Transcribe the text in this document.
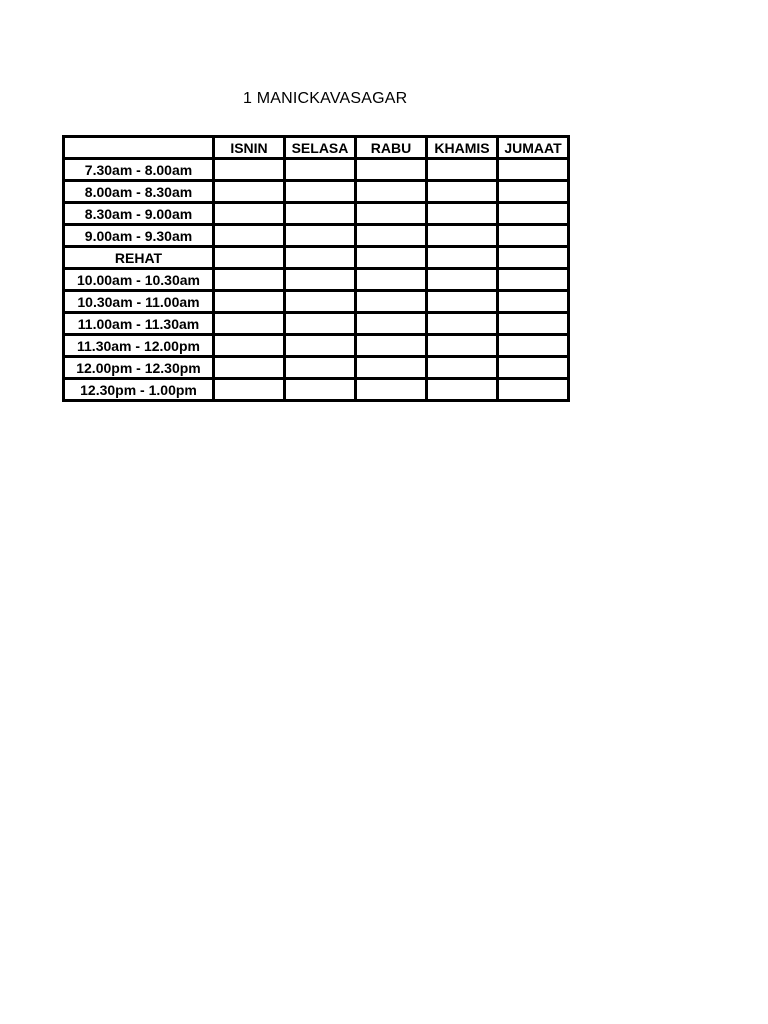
1 MANICKAVASAGAR
	ISNIN	SELASA	RABU	KHAMIS	JUMAAT
7.30am - 8.00am					
8.00am - 8.30am					
8.30am - 9.00am					
9.00am - 9.30am					
REHAT					
10.00am - 10.30am					
10.30am - 11.00am					
11.00am - 11.30am					
11.30am - 12.00pm					
12.00pm - 12.30pm					
12.30pm - 1.00pm					
